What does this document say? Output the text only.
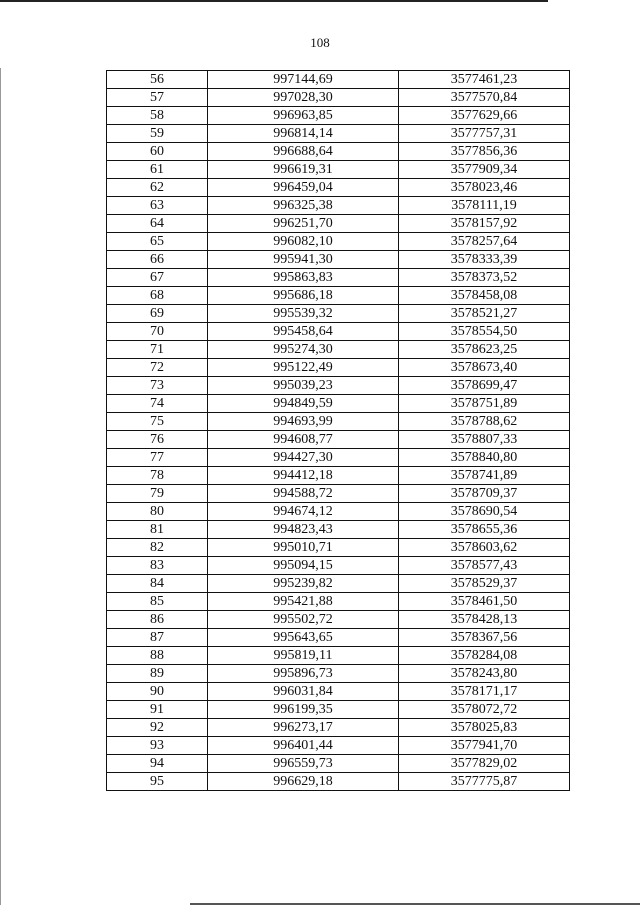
108
56	997144,69	3577461,23
57	997028,30	3577570,84
58	996963,85	3577629,66
59	996814,14	3577757,31
60	996688,64	3577856,36
61	996619,31	3577909,34
62	996459,04	3578023,46
63	996325,38	3578111,19
64	996251,70	3578157,92
65	996082,10	3578257,64
66	995941,30	3578333,39
67	995863,83	3578373,52
68	995686,18	3578458,08
69	995539,32	3578521,27
70	995458,64	3578554,50
71	995274,30	3578623,25
72	995122,49	3578673,40
73	995039,23	3578699,47
74	994849,59	3578751,89
75	994693,99	3578788,62
76	994608,77	3578807,33
77	994427,30	3578840,80
78	994412,18	3578741,89
79	994588,72	3578709,37
80	994674,12	3578690,54
81	994823,43	3578655,36
82	995010,71	3578603,62
83	995094,15	3578577,43
84	995239,82	3578529,37
85	995421,88	3578461,50
86	995502,72	3578428,13
87	995643,65	3578367,56
88	995819,11	3578284,08
89	995896,73	3578243,80
90	996031,84	3578171,17
91	996199,35	3578072,72
92	996273,17	3578025,83
93	996401,44	3577941,70
94	996559,73	3577829,02
95	996629,18	3577775,87
